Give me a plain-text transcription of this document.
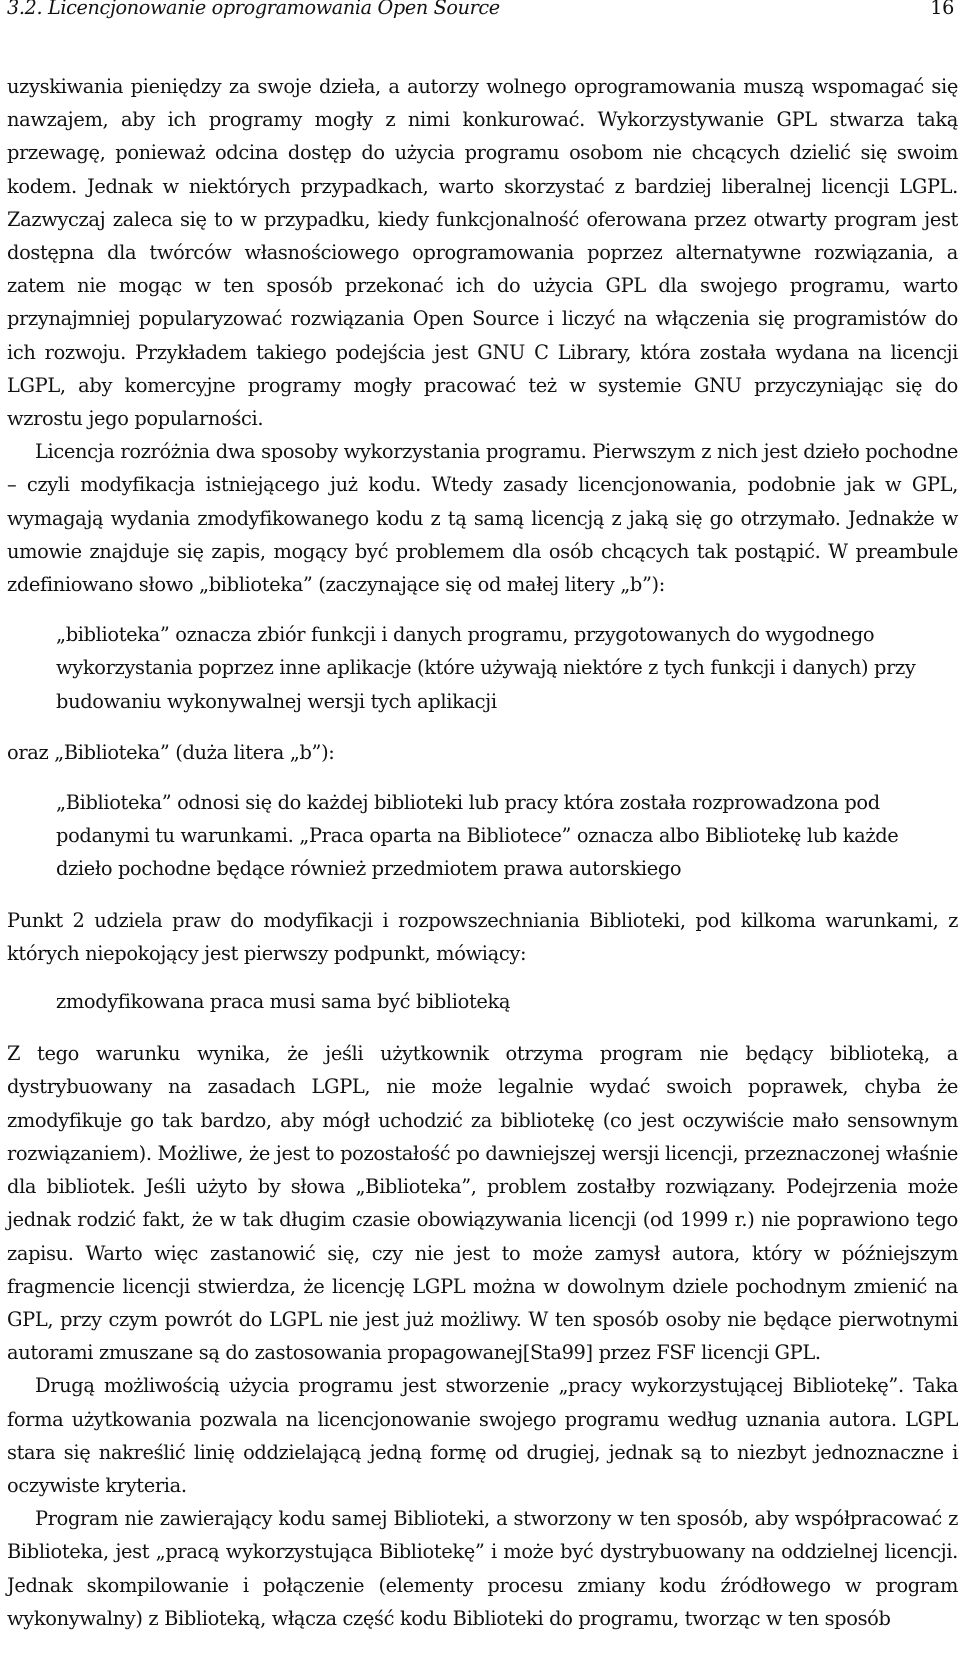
3.2. Licencjonowanie oprogramowania Open Source	16

uzyskiwania pieniędzy za swoje dzieła, a autorzy wolnego oprogramowania muszą wspomagać się nawzajem, aby ich programy mogły z nimi konkurować. Wykorzystywanie GPL stwarza taką przewagę, ponieważ odcina dostęp do użycia programu osobom nie chcących dzielić się swoim kodem. Jednak w niektórych przypadkach, warto skorzystać z bardziej liberalnej licencji LGPL. Zazwyczaj zaleca się to w przypadku, kiedy funkcjonalność oferowana przez otwarty program jest dostępna dla twórców własnościowego oprogramowania poprzez alternatywne rozwiązania, a zatem nie mogąc w ten sposób przekonać ich do użycia GPL dla swojego programu, warto przynajmniej popularyzować rozwiązania Open Source i liczyć na włączenia się programistów do ich rozwoju. Przykładem takiego podejścia jest GNU C Library, która została wydana na licencji LGPL, aby komercyjne programy mogły pracować też w systemie GNU przyczyniając się do wzrostu jego popularności.

Licencja rozróżnia dwa sposoby wykorzystania programu. Pierwszym z nich jest dzieło pochodne – czyli modyfikacja istniejącego już kodu. Wtedy zasady licencjonowania, podobnie jak w GPL, wymagają wydania zmodyfikowanego kodu z tą samą licencją z jaką się go otrzymało. Jednakże w umowie znajduje się zapis, mogący być problemem dla osób chcących tak postąpić. W preambule zdefiniowano słowo „biblioteka” (zaczynające się od małej litery „b”):

„biblioteka” oznacza zbiór funkcji i danych programu, przygotowanych do wygodnego wykorzystania poprzez inne aplikacje (które używają niektóre z tych funkcji i danych) przy budowaniu wykonywalnej wersji tych aplikacji

oraz „Biblioteka” (duża litera „b”):

„Biblioteka” odnosi się do każdej biblioteki lub pracy która została rozprowadzona pod podanymi tu warunkami. „Praca oparta na Bibliotece” oznacza albo Bibliotekę lub każde dzieło pochodne będące również przedmiotem prawa autorskiego

Punkt 2 udziela praw do modyfikacji i rozpowszechniania Biblioteki, pod kilkoma warunkami, z których niepokojący jest pierwszy podpunkt, mówiący:

zmodyfikowana praca musi sama być biblioteką

Z tego warunku wynika, że jeśli użytkownik otrzyma program nie będący biblioteką, a dystrybuowany na zasadach LGPL, nie może legalnie wydać swoich poprawek, chyba że zmodyfikuje go tak bardzo, aby mógł uchodzić za bibliotekę (co jest oczywiście mało sensownym rozwiązaniem). Możliwe, że jest to pozostałość po dawniejszej wersji licencji, przeznaczonej właśnie dla bibliotek. Jeśli użyto by słowa „Biblioteka”, problem zostałby rozwiązany. Podejrzenia może jednak rodzić fakt, że w tak długim czasie obowiązywania licencji (od 1999 r.) nie poprawiono tego zapisu. Warto więc zastanowić się, czy nie jest to może zamysł autora, który w późniejszym fragmencie licencji stwierdza, że licencję LGPL można w dowolnym dziele pochodnym zmienić na GPL, przy czym powrót do LGPL nie jest już możliwy. W ten sposób osoby nie będące pierwotnymi autorami zmuszane są do zastosowania propagowanej[Sta99] przez FSF licencji GPL.

Drugą możliwością użycia programu jest stworzenie „pracy wykorzystującej Bibliotekę”. Taka forma użytkowania pozwala na licencjonowanie swojego programu według uznania autora. LGPL stara się nakreślić linię oddzielającą jedną formę od drugiej, jednak są to niezbyt jednoznaczne i oczywiste kryteria.

Program nie zawierający kodu samej Biblioteki, a stworzony w ten sposób, aby współpracować z Biblioteka, jest „pracą wykorzystująca Bibliotekę” i może być dystrybuowany na oddzielnej licencji. Jednak skompilowanie i połączenie (elementy procesu zmiany kodu źródłowego w program wykonywalny) z Biblioteką, włącza część kodu Biblioteki do programu, tworząc w ten sposób
